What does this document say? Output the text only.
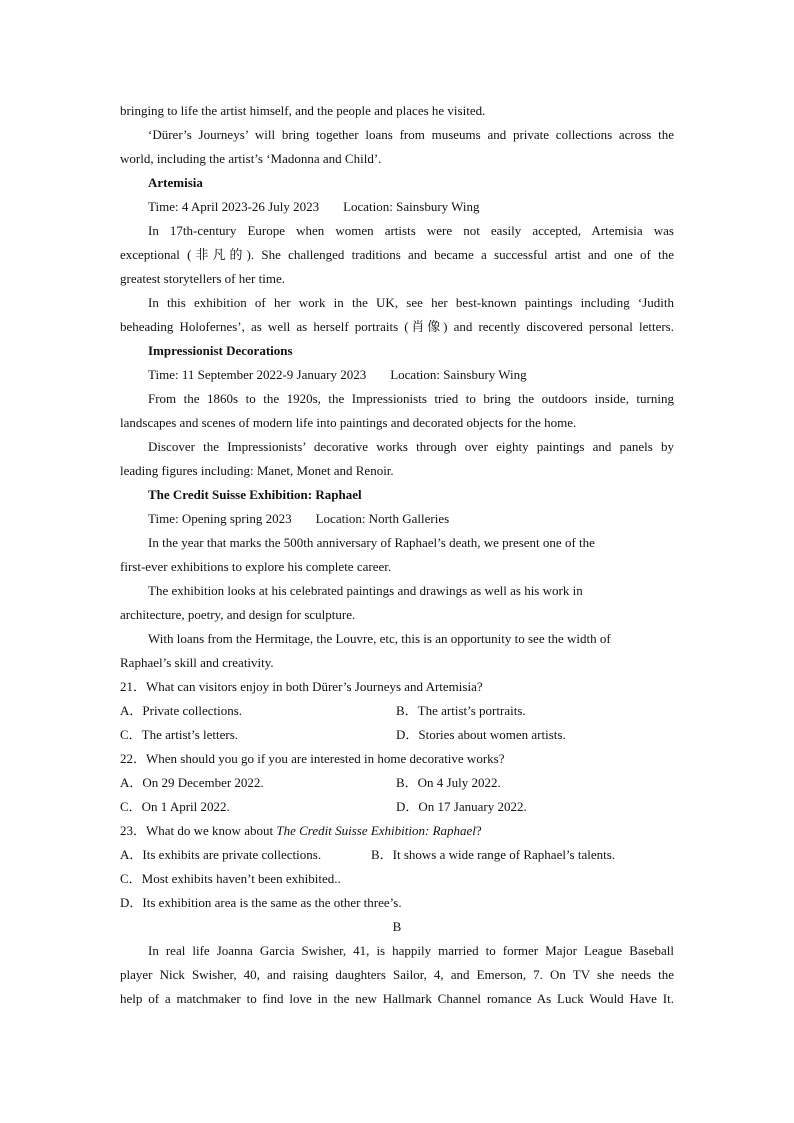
bringing to life the artist himself, and the people and places he visited.
‘Dürer’s Journeys’ will bring together loans from museums and private collections across the
world, including the artist’s ‘Madonna and Child’.
Artemisia
Time: 4 April 2023-26 July 2023 Location: Sainsbury Wing
In 17th-century Europe when women artists were not easily accepted, Artemisia was
exceptional (非凡的). She challenged traditions and became a successful artist and one of the
greatest storytellers of her time.
In this exhibition of her work in the UK, see her best-known paintings including ‘Judith
beheading Holofernes’, as well as herself portraits (肖像) and recently discovered personal letters.
Impressionist Decorations
Time: 11 September 2022-9 January 2023 Location: Sainsbury Wing
From the 1860s to the 1920s, the Impressionists tried to bring the outdoors inside, turning
landscapes and scenes of modern life into paintings and decorated objects for the home.
Discover the Impressionists’ decorative works through over eighty paintings and panels by
leading figures including: Manet, Monet and Renoir.
The Credit Suisse Exhibition: Raphael
Time: Opening spring 2023 Location: North Galleries
In the year that marks the 500th anniversary of Raphael’s death, we present one of the
first-ever exhibitions to explore his complete career.
The exhibition looks at his celebrated paintings and drawings as well as his work in
architecture, poetry, and design for sculpture.
With loans from the Hermitage, the Louvre, etc, this is an opportunity to see the width of
Raphael’s skill and creativity.
21．What can visitors enjoy in both Dürer’s Journeys and Artemisia?
A．Private collections.	B．The artist’s portraits.
C．The artist’s letters.	D．Stories about women artists.
22．When should you go if you are interested in home decorative works?
A．On 29 December 2022.	B．On 4 July 2022.
C．On 1 April 2022.	D．On 17 January 2022.
23．What do we know about The Credit Suisse Exhibition: Raphael?
A．Its exhibits are private collections.	B．It shows a wide range of Raphael’s talents.
C．Most exhibits haven’t been exhibited..
D．Its exhibition area is the same as the other three’s.
B
In real life Joanna Garcia Swisher, 41, is happily married to former Major League Baseball
player Nick Swisher, 40, and raising daughters Sailor, 4, and Emerson, 7. On TV she needs the
help of a matchmaker to find love in the new Hallmark Channel romance As Luck Would Have It.
